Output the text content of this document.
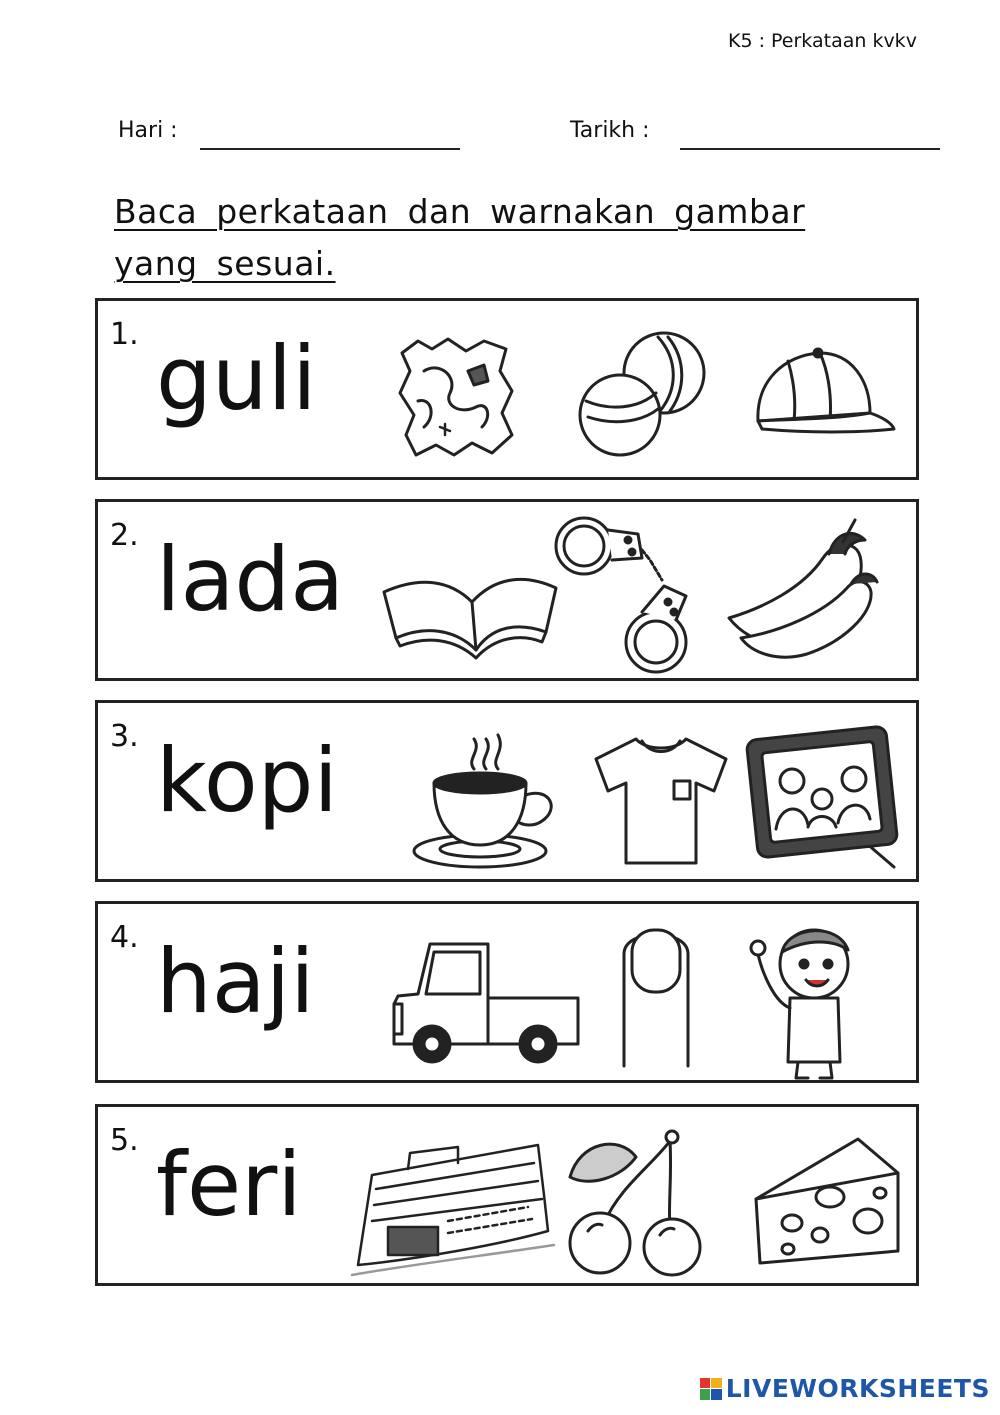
K5 : Perkataan kvkv
Hari :	Tarikh :
Baca perkataan dan warnakan gambar
yang sesuai.
1. guli
2. lada
3. kopi
4. haji
5. feri
LIVEWORKSHEETS
